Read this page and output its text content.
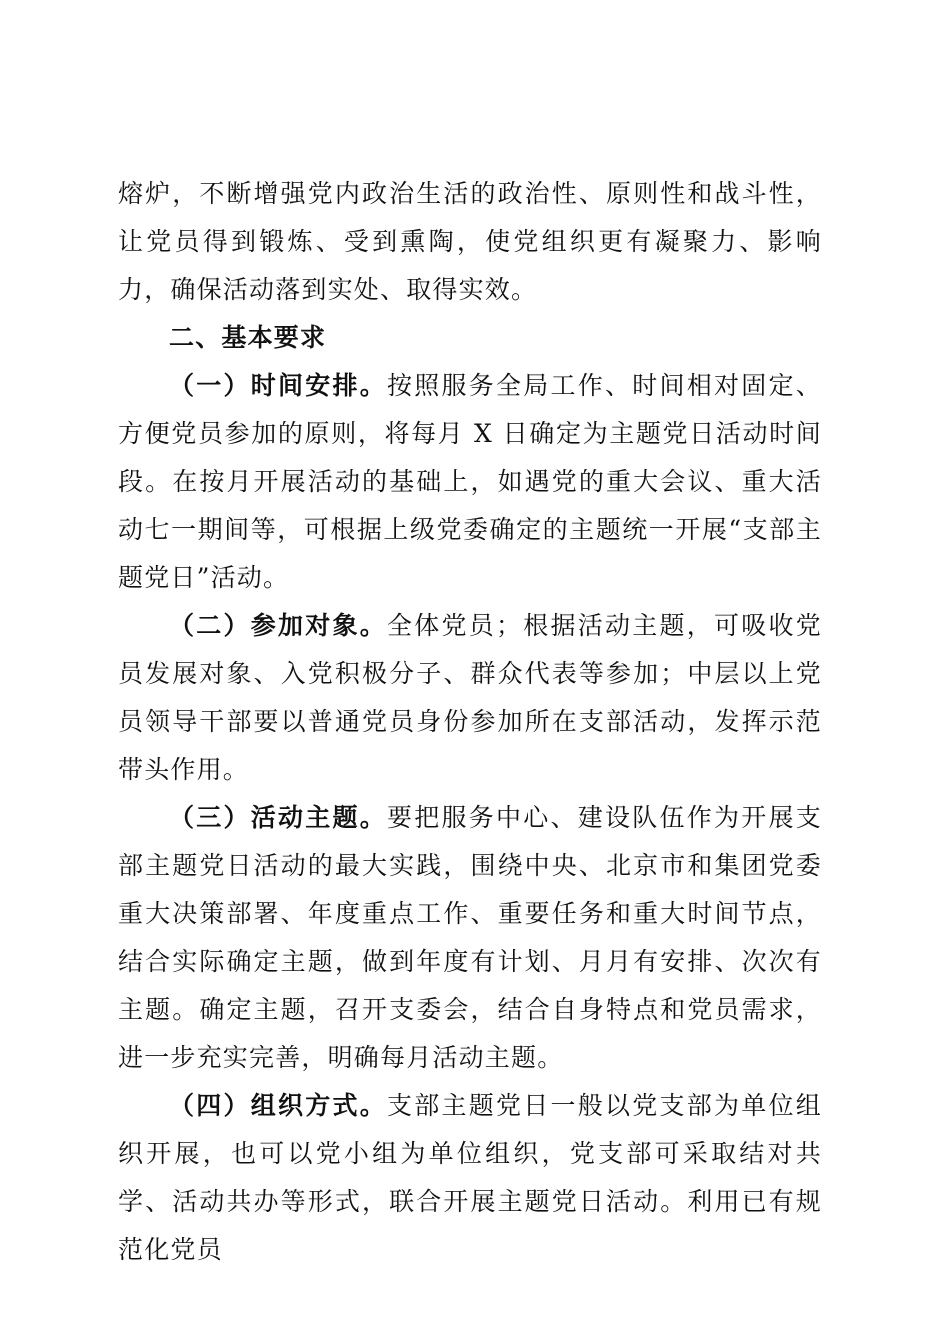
熔炉，不断增强党内政治生活的政治性、原则性和战斗性，让党员得到锻炼、受到熏陶，使党组织更有凝聚力、影响力，确保活动落到实处、取得实效。

二、基本要求

（一）时间安排。按照服务全局工作、时间相对固定、方便党员参加的原则，将每月 X 日确定为主题党日活动时间段。在按月开展活动的基础上，如遇党的重大会议、重大活动七一期间等，可根据上级党委确定的主题统一开展“支部主题党日”活动。

（二）参加对象。全体党员；根据活动主题，可吸收党员发展对象、入党积极分子、群众代表等参加；中层以上党员领导干部要以普通党员身份参加所在支部活动，发挥示范带头作用。

（三）活动主题。要把服务中心、建设队伍作为开展支部主题党日活动的最大实践，围绕中央、北京市和集团党委重大决策部署、年度重点工作、重要任务和重大时间节点，结合实际确定主题，做到年度有计划、月月有安排、次次有主题。确定主题，召开支委会，结合自身特点和党员需求，进一步充实完善，明确每月活动主题。

（四）组织方式。支部主题党日一般以党支部为单位组织开展，也可以党小组为单位组织，党支部可采取结对共学、活动共办等形式，联合开展主题党日活动。利用已有规范化党员
